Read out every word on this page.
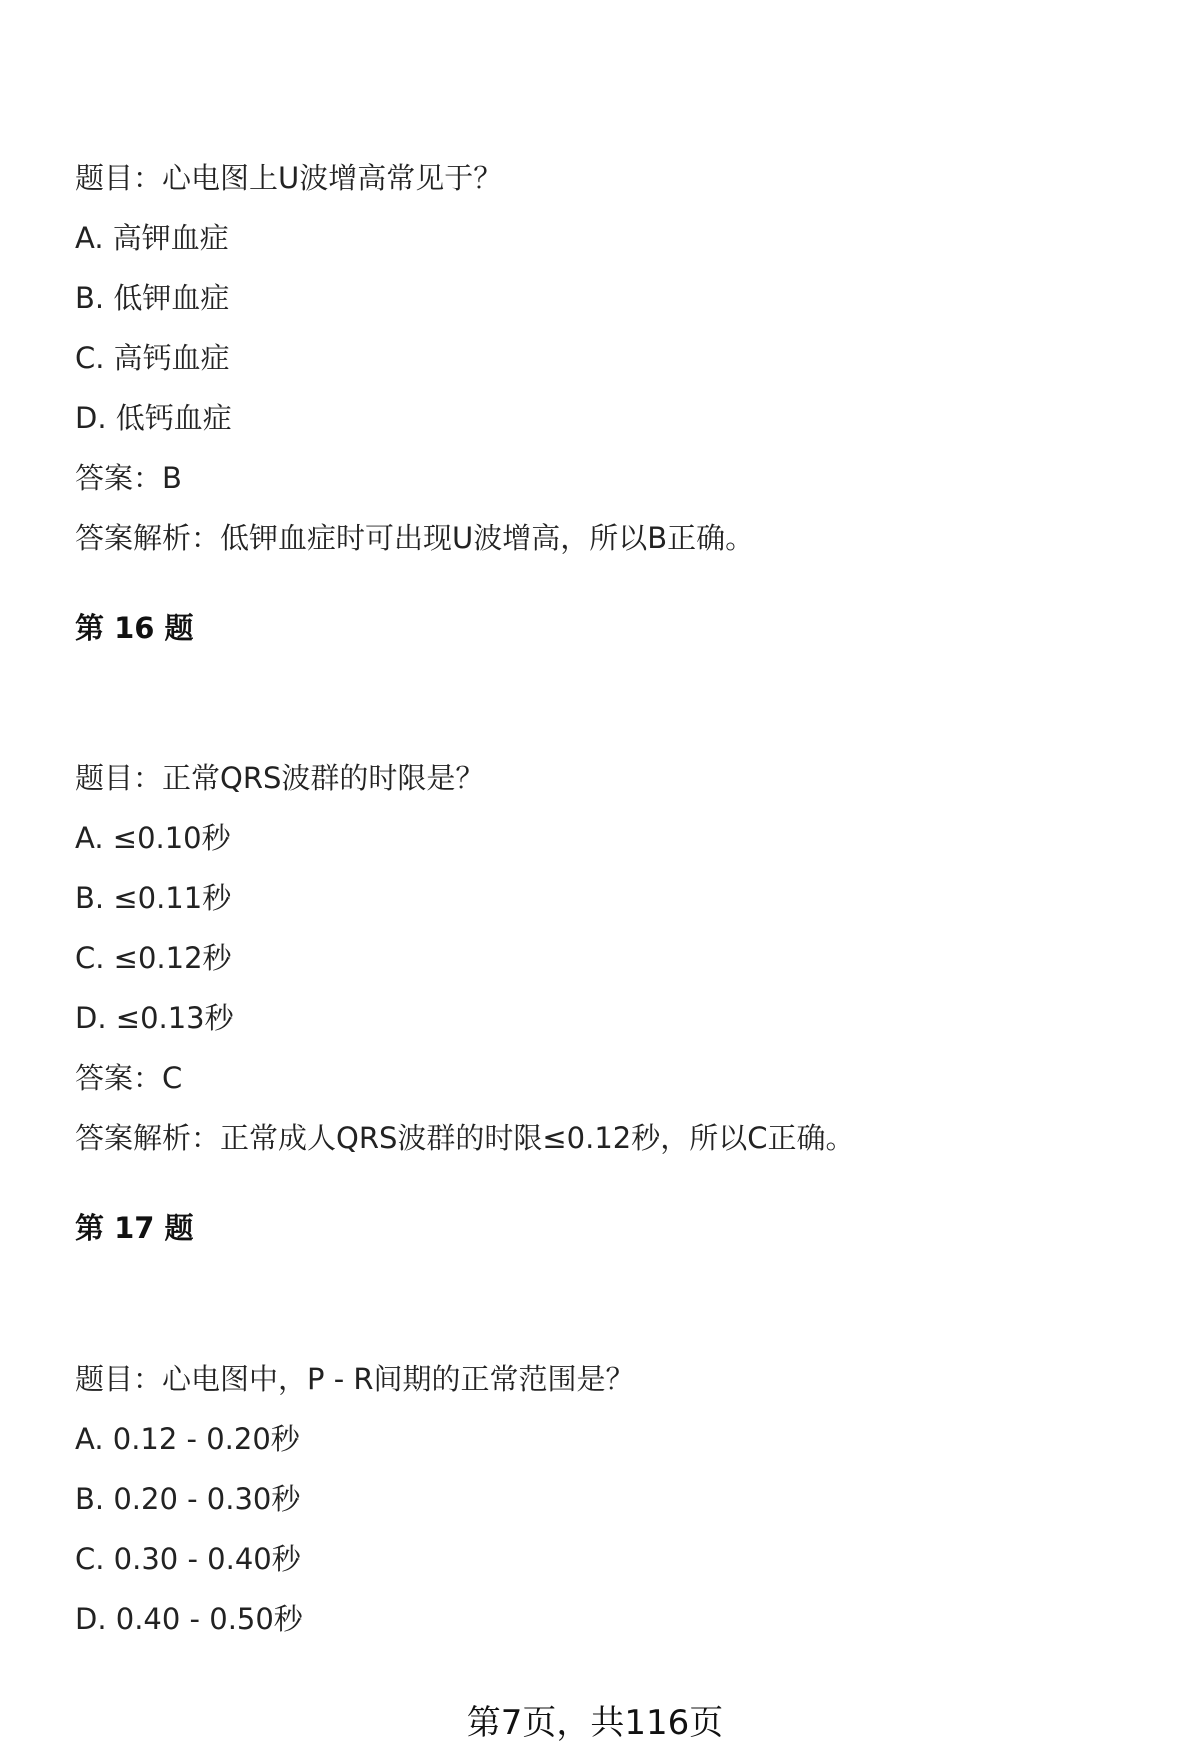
题目：心电图上U波增高常见于？
A. 高钾血症
B. 低钾血症
C. 高钙血症
D. 低钙血症
答案：B
答案解析：低钾血症时可出现U波增高，所以B正确。
第 16 题
题目：正常QRS波群的时限是？
A. ≤0.10秒
B. ≤0.11秒
C. ≤0.12秒
D. ≤0.13秒
答案：C
答案解析：正常成人QRS波群的时限≤0.12秒，所以C正确。
第 17 题
题目：心电图中，P - R间期的正常范围是？
A. 0.12 - 0.20秒
B. 0.20 - 0.30秒
C. 0.30 - 0.40秒
D. 0.40 - 0.50秒
第7页，共116页
